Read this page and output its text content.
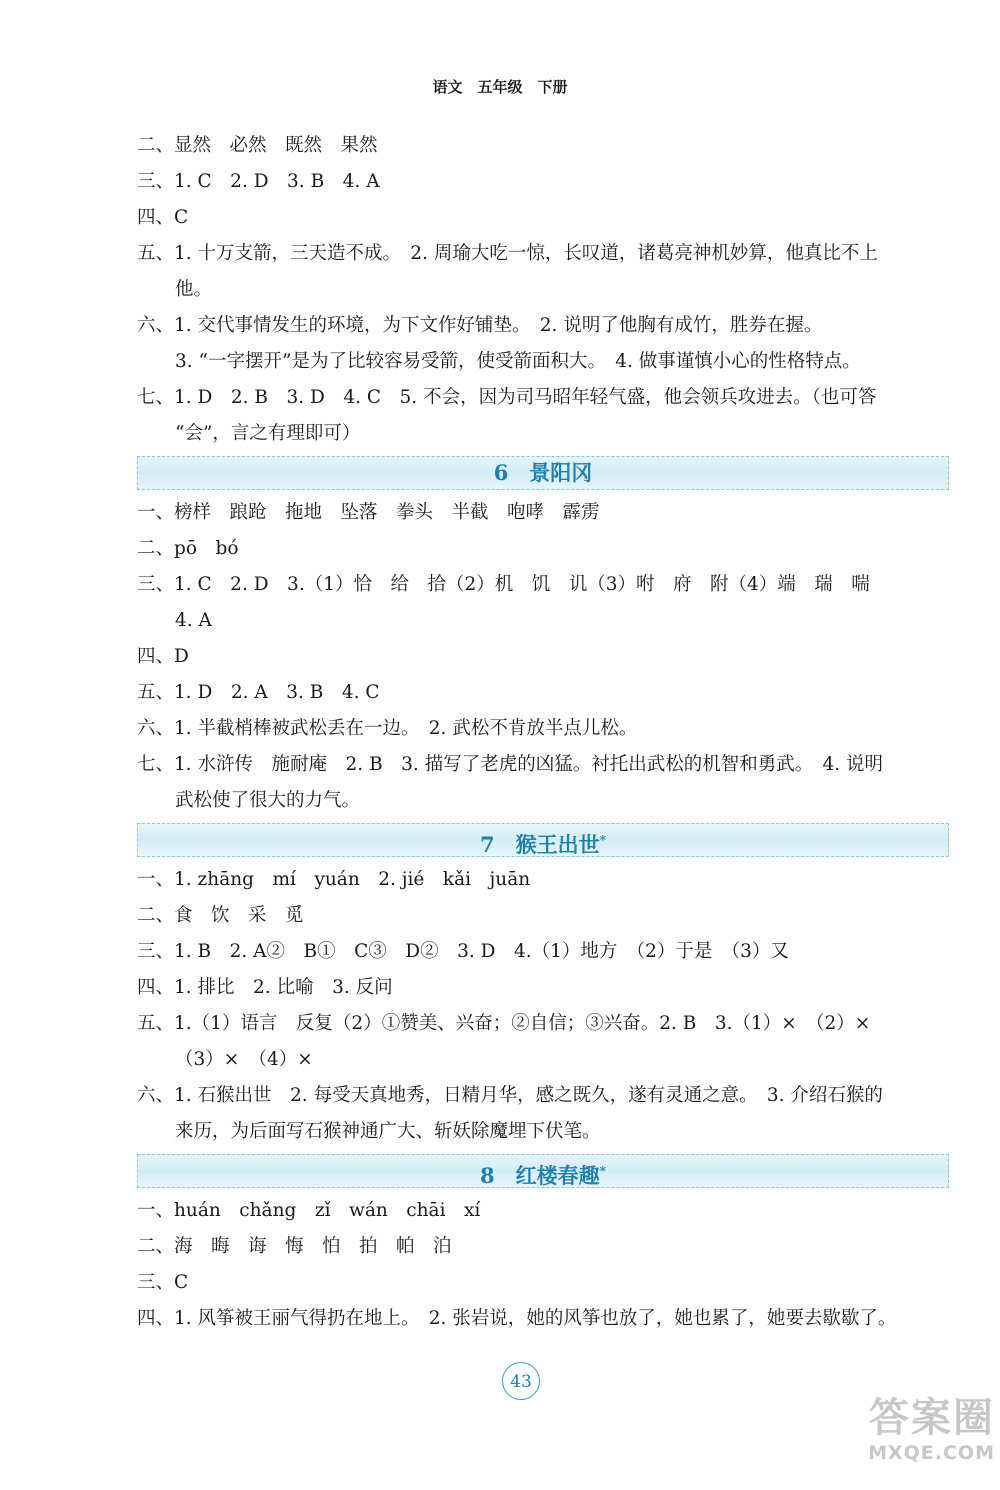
语文　五年级　下册
二、显然　必然　既然　果然
三、1. C　2. D　3. B　4. A
四、C
五、1. 十万支箭，三天造不成。　2. 周瑜大吃一惊，长叹道，诸葛亮神机妙算，他真比不上
他。
六、1. 交代事情发生的环境，为下文作好铺垫。　2. 说明了他胸有成竹，胜券在握。
3. “一字摆开”是为了比较容易受箭，使受箭面积大。　4. 做事谨慎小心的性格特点。
七、1. D　2. B　3. D　4. C　5. 不会，因为司马昭年轻气盛，他会领兵攻进去。（也可答
“会”，言之有理即可）
6　景阳冈
一、榜样　踉跄　拖地　坠落　拳头　半截　咆哮　霹雳
二、pō　bó
三、1. C　2. D　3.（1）恰　给　拾（2）机　饥　讥（3）咐　府　附（4）端　瑞　喘
4. A
四、D
五、1. D　2. A　3. B　4. C
六、1. 半截梢棒被武松丢在一边。　2. 武松不肯放半点儿松。
七、1. 水浒传　施耐庵　2. B　3. 描写了老虎的凶猛。衬托出武松的机智和勇武。　4. 说明
武松使了很大的力气。
7　猴王出世*
一、1. zhāng　mí　yuán　2. jié　kǎi　juān
二、食　饮　采　觅
三、1. B　2. A②　B①　C③　D②　3. D　4.（1）地方　（2）于是　（3）又
四、1. 排比　2. 比喻　3. 反问
五、1.（1）语言　反复（2）①赞美、兴奋；②自信；③兴奋。2. B　3.（1）×　（2）×
（3）×　（4）×
六、1. 石猴出世　2. 每受天真地秀，日精月华，感之既久，遂有灵通之意。　3. 介绍石猴的
来历，为后面写石猴神通广大、斩妖除魔埋下伏笔。
8　红楼春趣*
一、huán　chǎng　zǐ　wán　chāi　xí
二、海　晦　诲　悔　怕　拍　帕　泊
三、C
四、1. 风筝被王丽气得扔在地上。　2. 张岩说，她的风筝也放了，她也累了，她要去歇歇了。
43
答案圈
MXQE.COM
